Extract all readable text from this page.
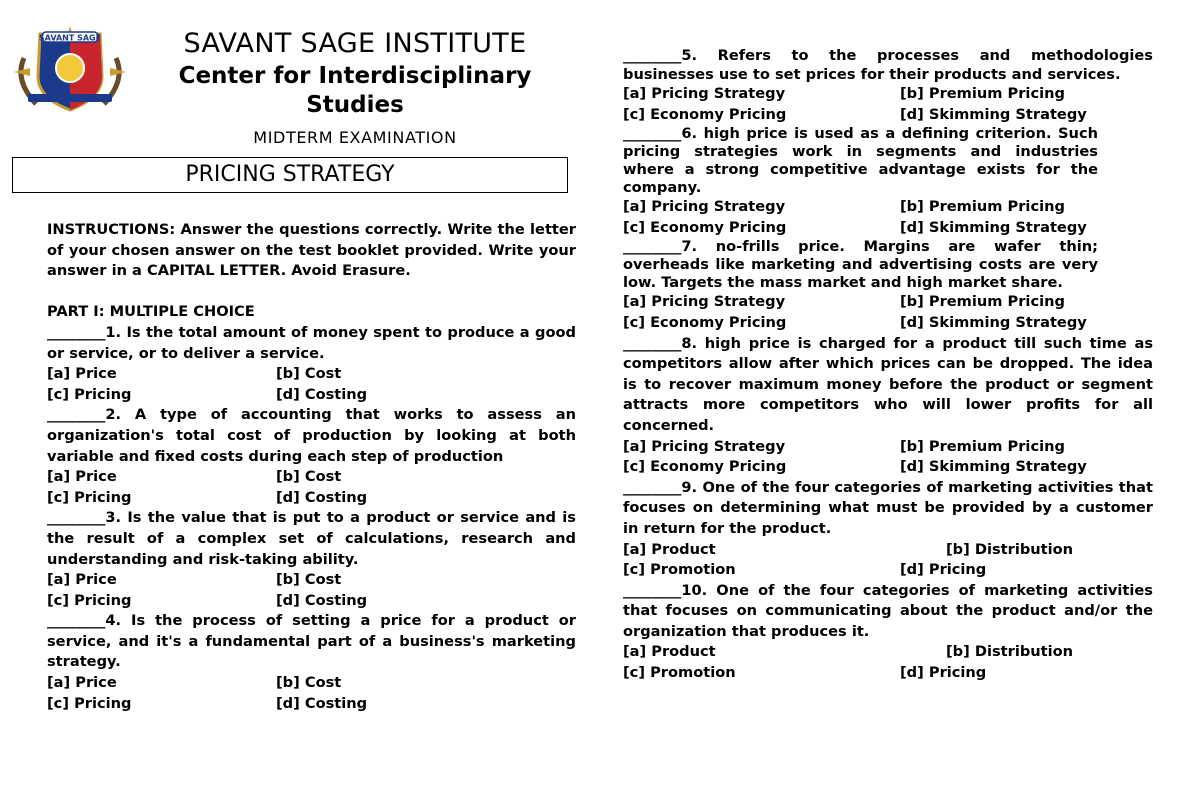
SAVANT SAGE	SAVANT SAGE INSTITUTE
Center for Interdisciplinary Studies
MIDTERM EXAMINATION
PRICING STRATEGY
INSTRUCTIONS: Answer the questions correctly. Write the letter of your chosen answer on the test booklet provided. Write your answer in a CAPITAL LETTER. Avoid Erasure.
PART I: MULTIPLE CHOICE
________1. Is the total amount of money spent to produce a good or service, or to deliver a service.
[a] Price	[b] Cost
[c] Pricing	[d] Costing
________2. A type of accounting that works to assess an organization's total cost of production by looking at both variable and fixed costs during each step of production
[a] Price	[b] Cost
[c] Pricing	[d] Costing
________3. Is the value that is put to a product or service and is the result of a complex set of calculations, research and understanding and risk-taking ability.
[a] Price	[b] Cost
[c] Pricing	[d] Costing
________4. Is the process of setting a price for a product or service, and it's a fundamental part of a business's marketing strategy.
[a] Price	[b] Cost
[c] Pricing	[d] Costing
________5. Refers to the processes and methodologies businesses use to set prices for their products and services.
[a] Pricing Strategy	[b] Premium Pricing
[c] Economy Pricing	[d] Skimming Strategy
________6. high price is used as a defining criterion. Such pricing strategies work in segments and industries where a strong competitive advantage exists for the company.
[a] Pricing Strategy	[b] Premium Pricing
[c] Economy Pricing	[d] Skimming Strategy
________7. no-frills price. Margins are wafer thin; overheads like marketing and advertising costs are very low. Targets the mass market and high market share.
[a] Pricing Strategy	[b] Premium Pricing
[c] Economy Pricing	[d] Skimming Strategy
________8. high price is charged for a product till such time as competitors allow after which prices can be dropped. The idea is to recover maximum money before the product or segment attracts more competitors who will lower profits for all concerned.
[a] Pricing Strategy	[b] Premium Pricing
[c] Economy Pricing	[d] Skimming Strategy
________9. One of the four categories of marketing activities that focuses on determining what must be provided by a customer in return for the product.
[a] Product	[b] Distribution
[c] Promotion	[d] Pricing
________10. One of the four categories of marketing activities that focuses on communicating about the product and/or the organization that produces it.
[a] Product	[b] Distribution
[c] Promotion	[d] Pricing
